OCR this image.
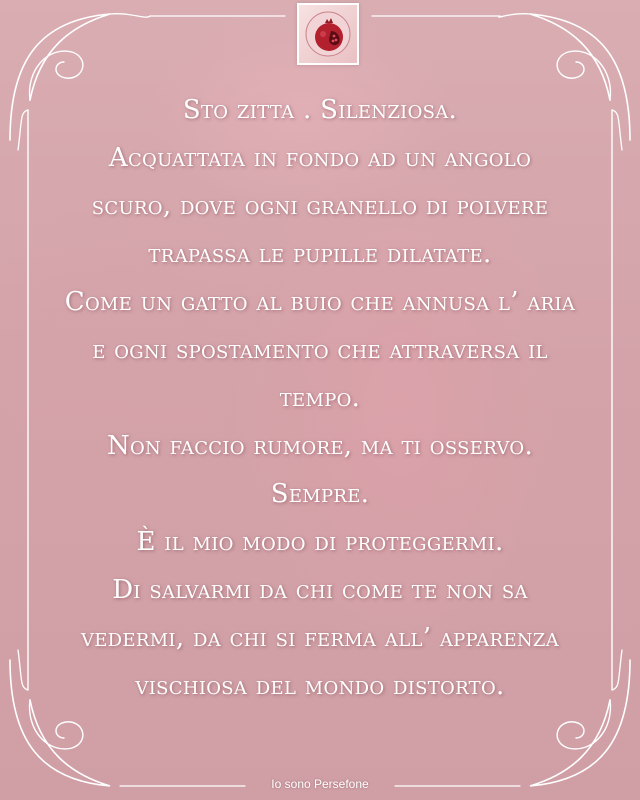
Sto zitta . Silenziosa.
Acquattata in fondo ad un angolo
scuro, dove ogni granello di polvere
trapassa le pupille dilatate.
Come un gatto al buio che annusa l’ aria
e ogni spostamento che attraversa il
tempo.
Non faccio rumore, ma ti osservo.
Sempre.
È il mio modo di proteggermi.
Di salvarmi da chi come te non sa
vedermi, da chi si ferma all’ apparenza
vischiosa del mondo distorto.
Io sono Persefone
